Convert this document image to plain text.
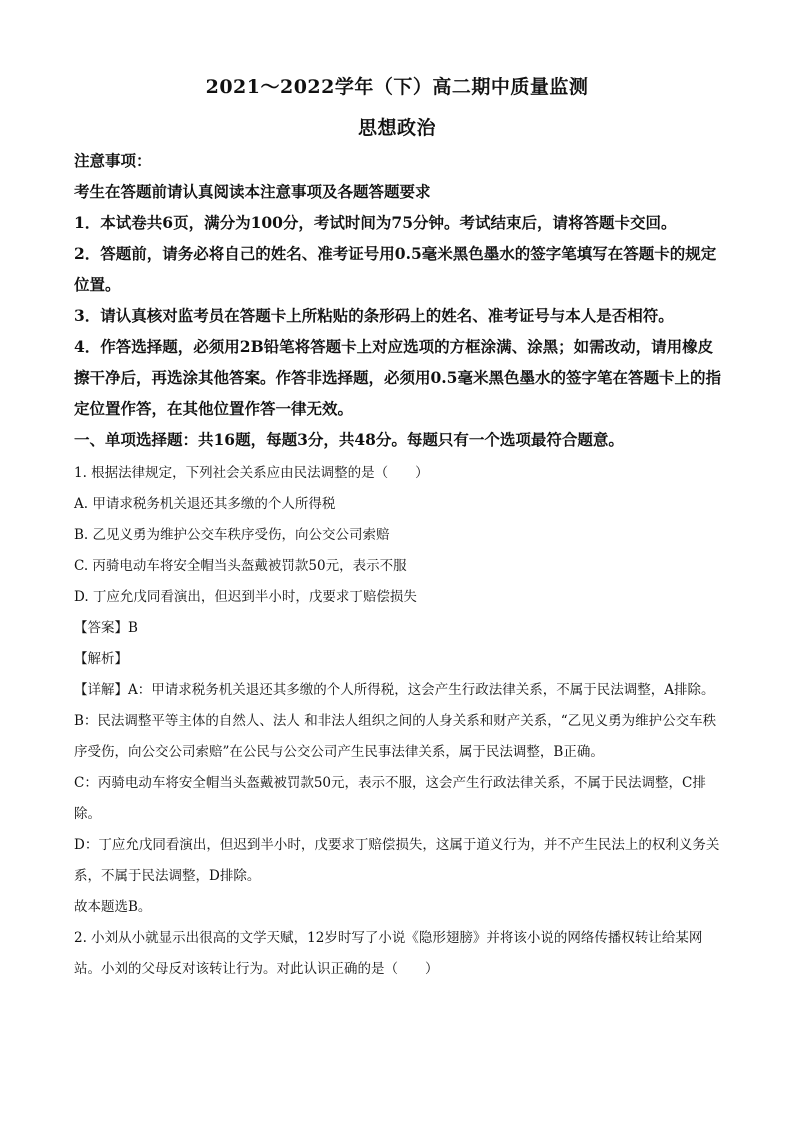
2021～2022学年（下）高二期中质量监测
思想政治

注意事项：

考生在答题前请认真阅读本注意事项及各题答题要求

1．本试卷共6页，满分为100分，考试时间为75分钟。考试结束后，请将答题卡交回。

2．答题前，请务必将自己的姓名、准考证号用0.5毫米黑色墨水的签字笔填写在答题卡的规定位置。

3．请认真核对监考员在答题卡上所粘贴的条形码上的姓名、准考证号与本人是否相符。

4．作答选择题，必须用2B铅笔将答题卡上对应选项的方框涂满、涂黑；如需改动，请用橡皮擦干净后，再选涂其他答案。作答非选择题，必须用0.5毫米黑色墨水的签字笔在答题卡上的指定位置作答，在其他位置作答一律无效。

一、单项选择题：共16题，每题3分，共48分。每题只有一个选项最符合题意。

1. 根据法律规定，下列社会关系应由民法调整的是（　　）

A. 甲请求税务机关退还其多缴的个人所得税

B. 乙见义勇为维护公交车秩序受伤，向公交公司索赔

C. 丙骑电动车将安全帽当头盔戴被罚款50元，表示不服

D. 丁应允戊同看演出，但迟到半小时，戊要求丁赔偿损失

【答案】B

【解析】

【详解】A：甲请求税务机关退还其多缴的个人所得税，这会产生行政法律关系，不属于民法调整，A排除。

B：民法调整平等主体的自然人、法人 和非法人组织之间的人身关系和财产关系，“乙见义勇为维护公交车秩序受伤，向公交公司索赔”在公民与公交公司产生民事法律关系，属于民法调整，B正确。

C：丙骑电动车将安全帽当头盔戴被罚款50元，表示不服，这会产生行政法律关系，不属于民法调整，C排除。

D：丁应允戊同看演出，但迟到半小时，戊要求丁赔偿损失，这属于道义行为，并不产生民法上的权利义务关系，不属于民法调整，D排除。

故本题选B。

2. 小刘从小就显示出很高的文学天赋，12岁时写了小说《隐形翅膀》并将该小说的网络传播权转让给某网站。小刘的父母反对该转让行为。对此认识正确的是（　　）
